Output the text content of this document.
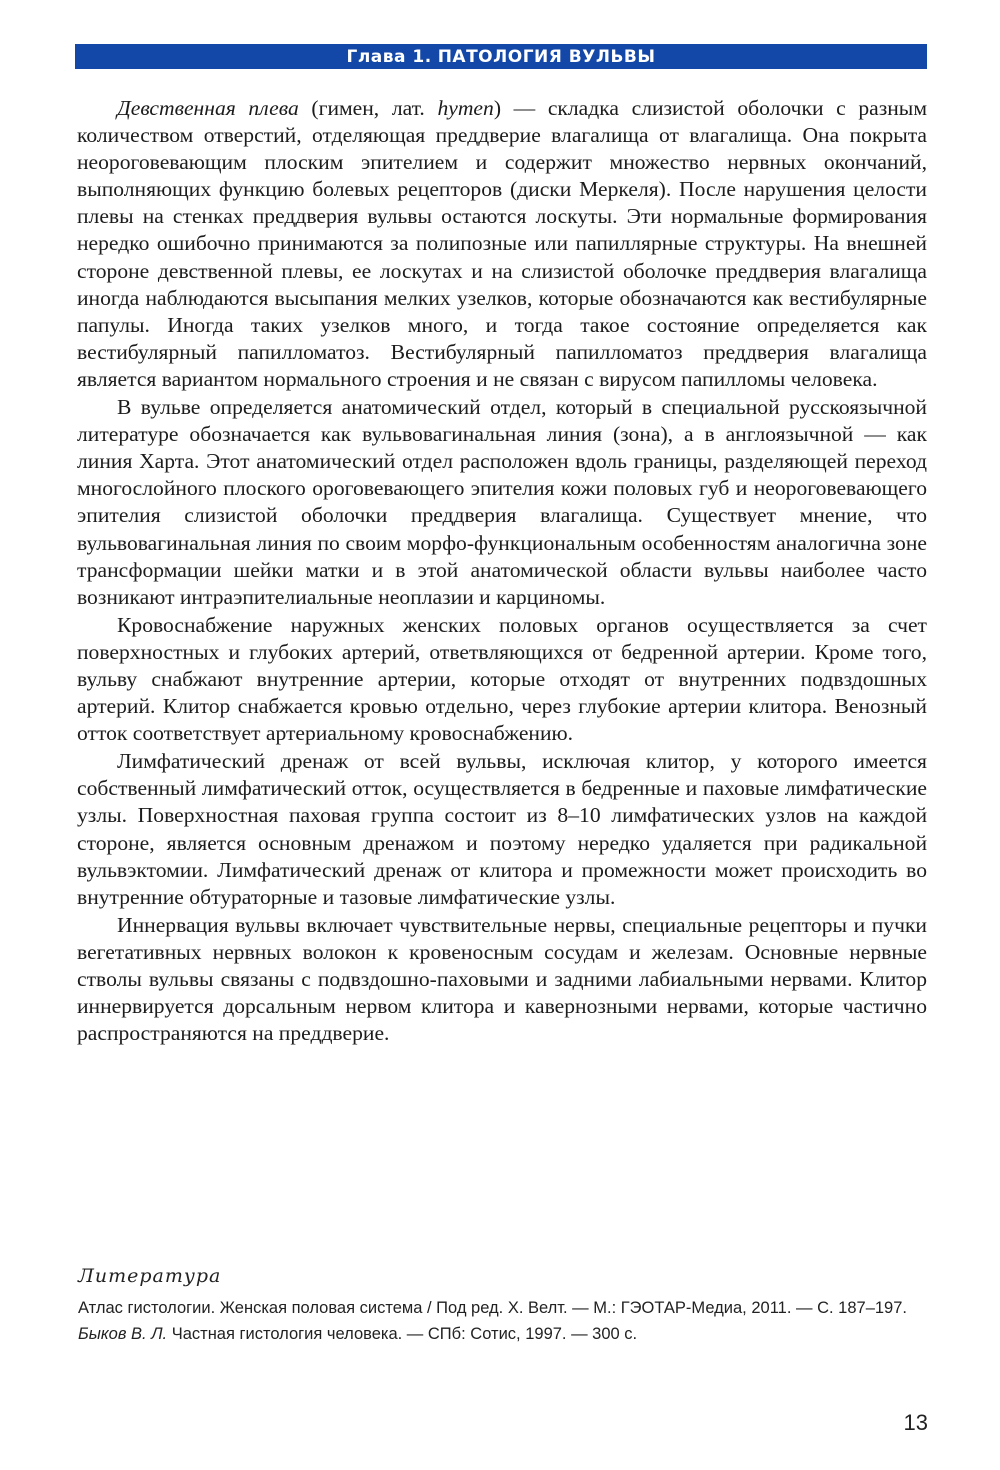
Глава 1. ПАТОЛОГИЯ ВУЛЬВЫ

Девственная плева (гимен, лат. hymen) — складка слизистой оболочки с разным количеством отверстий, отделяющая преддверие влагалища от влагалища. Она покрыта неороговевающим плоским эпителием и содержит множество нервных окончаний, выполняющих функцию болевых рецепторов (диски Меркеля). После нарушения целости плевы на стенках преддверия вульвы остаются лоскуты. Эти нормальные формирования нередко ошибочно принимаются за полипозные или папиллярные структуры. На внешней стороне девственной плевы, ее лоскутах и на слизистой оболочке преддверия влагалища иногда наблюдаются высыпания мелких узелков, которые обозначаются как вестибулярные папулы. Иногда таких узелков много, и тогда такое состояние определяется как вестибулярный папилломатоз. Вестибулярный папилломатоз преддверия влагалища является вариантом нормального строения и не связан с вирусом папилломы человека.

В вульве определяется анатомический отдел, который в специальной русскоязычной литературе обозначается как вульвовагинальная линия (зона), а в англоязычной — как линия Харта. Этот анатомический отдел расположен вдоль границы, разделяющей переход многослойного плоского ороговевающего эпителия кожи половых губ и неороговевающего эпителия слизистой оболочки преддверия влагалища. Существует мнение, что вульвовагинальная линия по своим морфо-функциональным особенностям аналогична зоне трансформации шейки матки и в этой анатомической области вульвы наиболее часто возникают интраэпителиальные неоплазии и карциномы.

Кровоснабжение наружных женских половых органов осуществляется за счет поверхностных и глубоких артерий, ответвляющихся от бедренной артерии. Кроме того, вульву снабжают внутренние артерии, которые отходят от внутренних подвздошных артерий. Клитор снабжается кровью отдельно, через глубокие артерии клитора. Венозный отток соответствует артериальному кровоснабжению.

Лимфатический дренаж от всей вульвы, исключая клитор, у которого имеется собственный лимфатический отток, осуществляется в бедренные и паховые лимфатические узлы. Поверхностная паховая группа состоит из 8–10 лимфатических узлов на каждой стороне, является основным дренажом и поэтому нередко удаляется при радикальной вульвэктомии. Лимфатический дренаж от клитора и промежности может происходить во внутренние обтураторные и тазовые лимфатические узлы.

Иннервация вульвы включает чувствительные нервы, специальные рецепторы и пучки вегетативных нервных волокон к кровеносным сосудам и железам. Основные нервные стволы вульвы связаны с подвздошно-паховыми и задними лабиальными нервами. Клитор иннервируется дорсальным нервом клитора и кавернозными нервами, которые частично распространяются на преддверие.

Литература

Атлас гистологии. Женская половая система / Под ред. Х. Велт. — М.: ГЭОТАР-Медиа, 2011. — С. 187–197.

Быков В. Л. Частная гистология человека. — СПб: Сотис, 1997. — 300 с.

13
